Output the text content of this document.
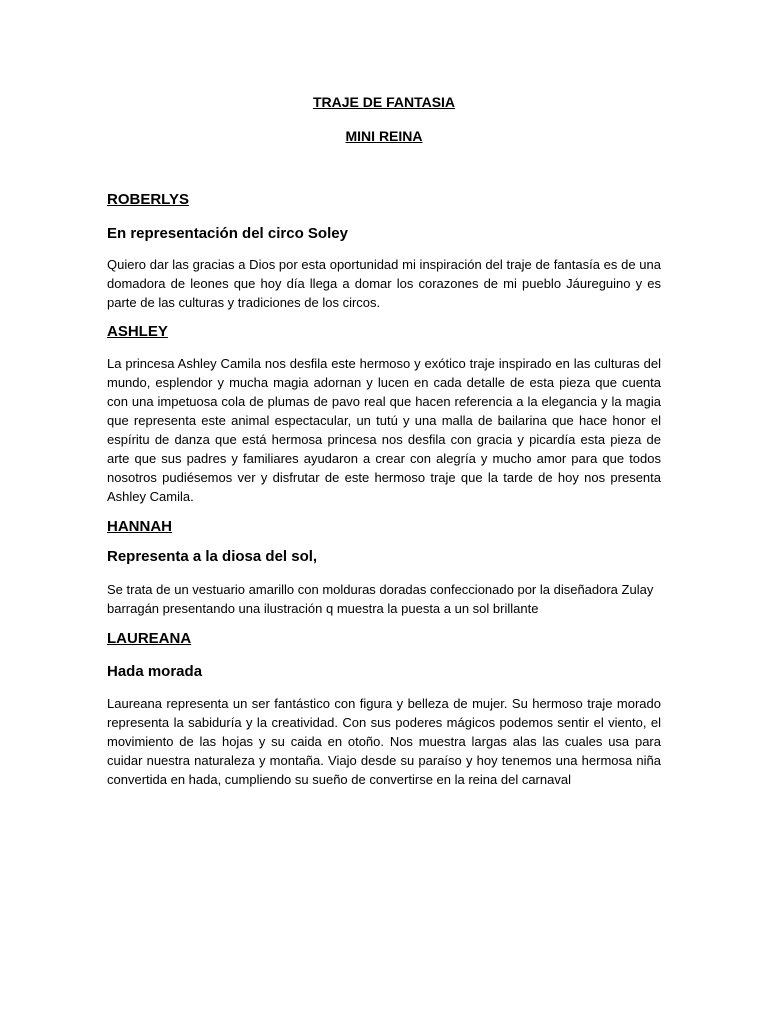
TRAJE DE FANTASIA
MINI REINA
ROBERLYS
En representación del circo Soley
Quiero dar las gracias a Dios por esta oportunidad mi inspiración del traje de fantasía es de una domadora de leones que hoy día llega a domar los corazones de mi pueblo Jáureguino y es parte de las culturas y tradiciones de los circos.
ASHLEY
La princesa Ashley Camila nos desfila este hermoso y exótico traje inspirado en las culturas del mundo, esplendor y mucha magia adornan y lucen en cada detalle de esta pieza que cuenta con una impetuosa cola de plumas de pavo real que hacen referencia a la elegancia y la magia que representa este animal espectacular, un tutú y una malla de bailarina que hace honor el espíritu de danza que está hermosa princesa nos desfila con gracia y picardía esta pieza de arte que sus padres y familiares ayudaron a crear con alegría y mucho amor para que todos nosotros pudiésemos ver y disfrutar de este hermoso traje que la tarde de hoy nos presenta Ashley Camila.
HANNAH
Representa a la diosa del sol,
Se trata de un vestuario amarillo con molduras doradas confeccionado por la diseñadora Zulay barragán presentando una ilustración q muestra la puesta a un sol brillante
LAUREANA
Hada morada
Laureana representa un ser fantástico con figura y belleza de mujer. Su hermoso traje morado representa la sabiduría y la creatividad. Con sus poderes mágicos podemos sentir el viento, el movimiento de las hojas y su caida en otoño. Nos muestra largas alas las cuales usa para cuidar nuestra naturaleza y montaña. Viajo desde su paraíso y hoy tenemos una hermosa niña convertida en hada, cumpliendo su sueño de convertirse en la reina del carnaval
